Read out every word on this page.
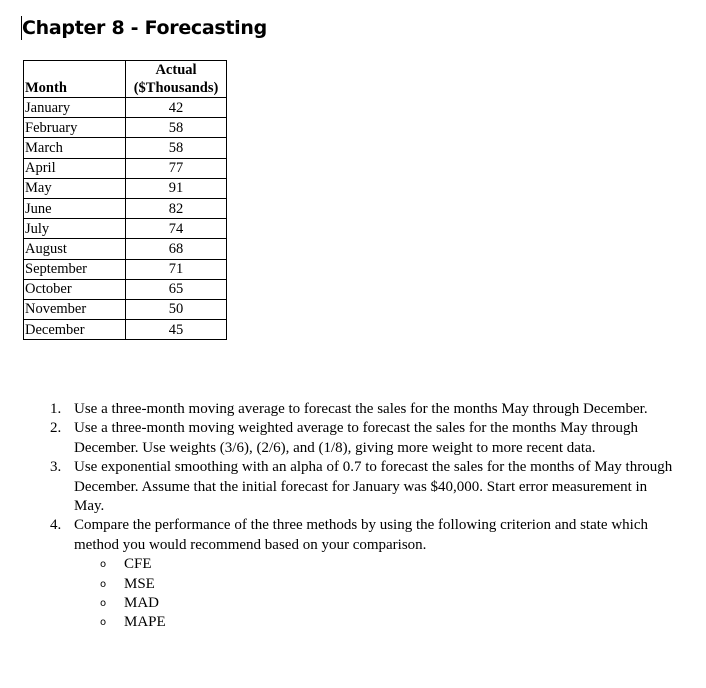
Chapter 8 - Forecasting
Month	Actual
($Thousands)
January	42
February	58
March	58
April	77
May	91
June	82
July	74
August	68
September	71
October	65
November	50
December	45
1. Use a three-month moving average to forecast the sales for the months May through December.
2. Use a three-month moving weighted average to forecast the sales for the months May through December. Use weights (3/6), (2/6), and (1/8), giving more weight to more recent data.
3. Use exponential smoothing with an alpha of 0.7 to forecast the sales for the months of May through December. Assume that the initial forecast for January was $40,000. Start error measurement in May.
4. Compare the performance of the three methods by using the following criterion and state which method you would recommend based on your comparison.
o CFE
o MSE
o MAD
o MAPE
